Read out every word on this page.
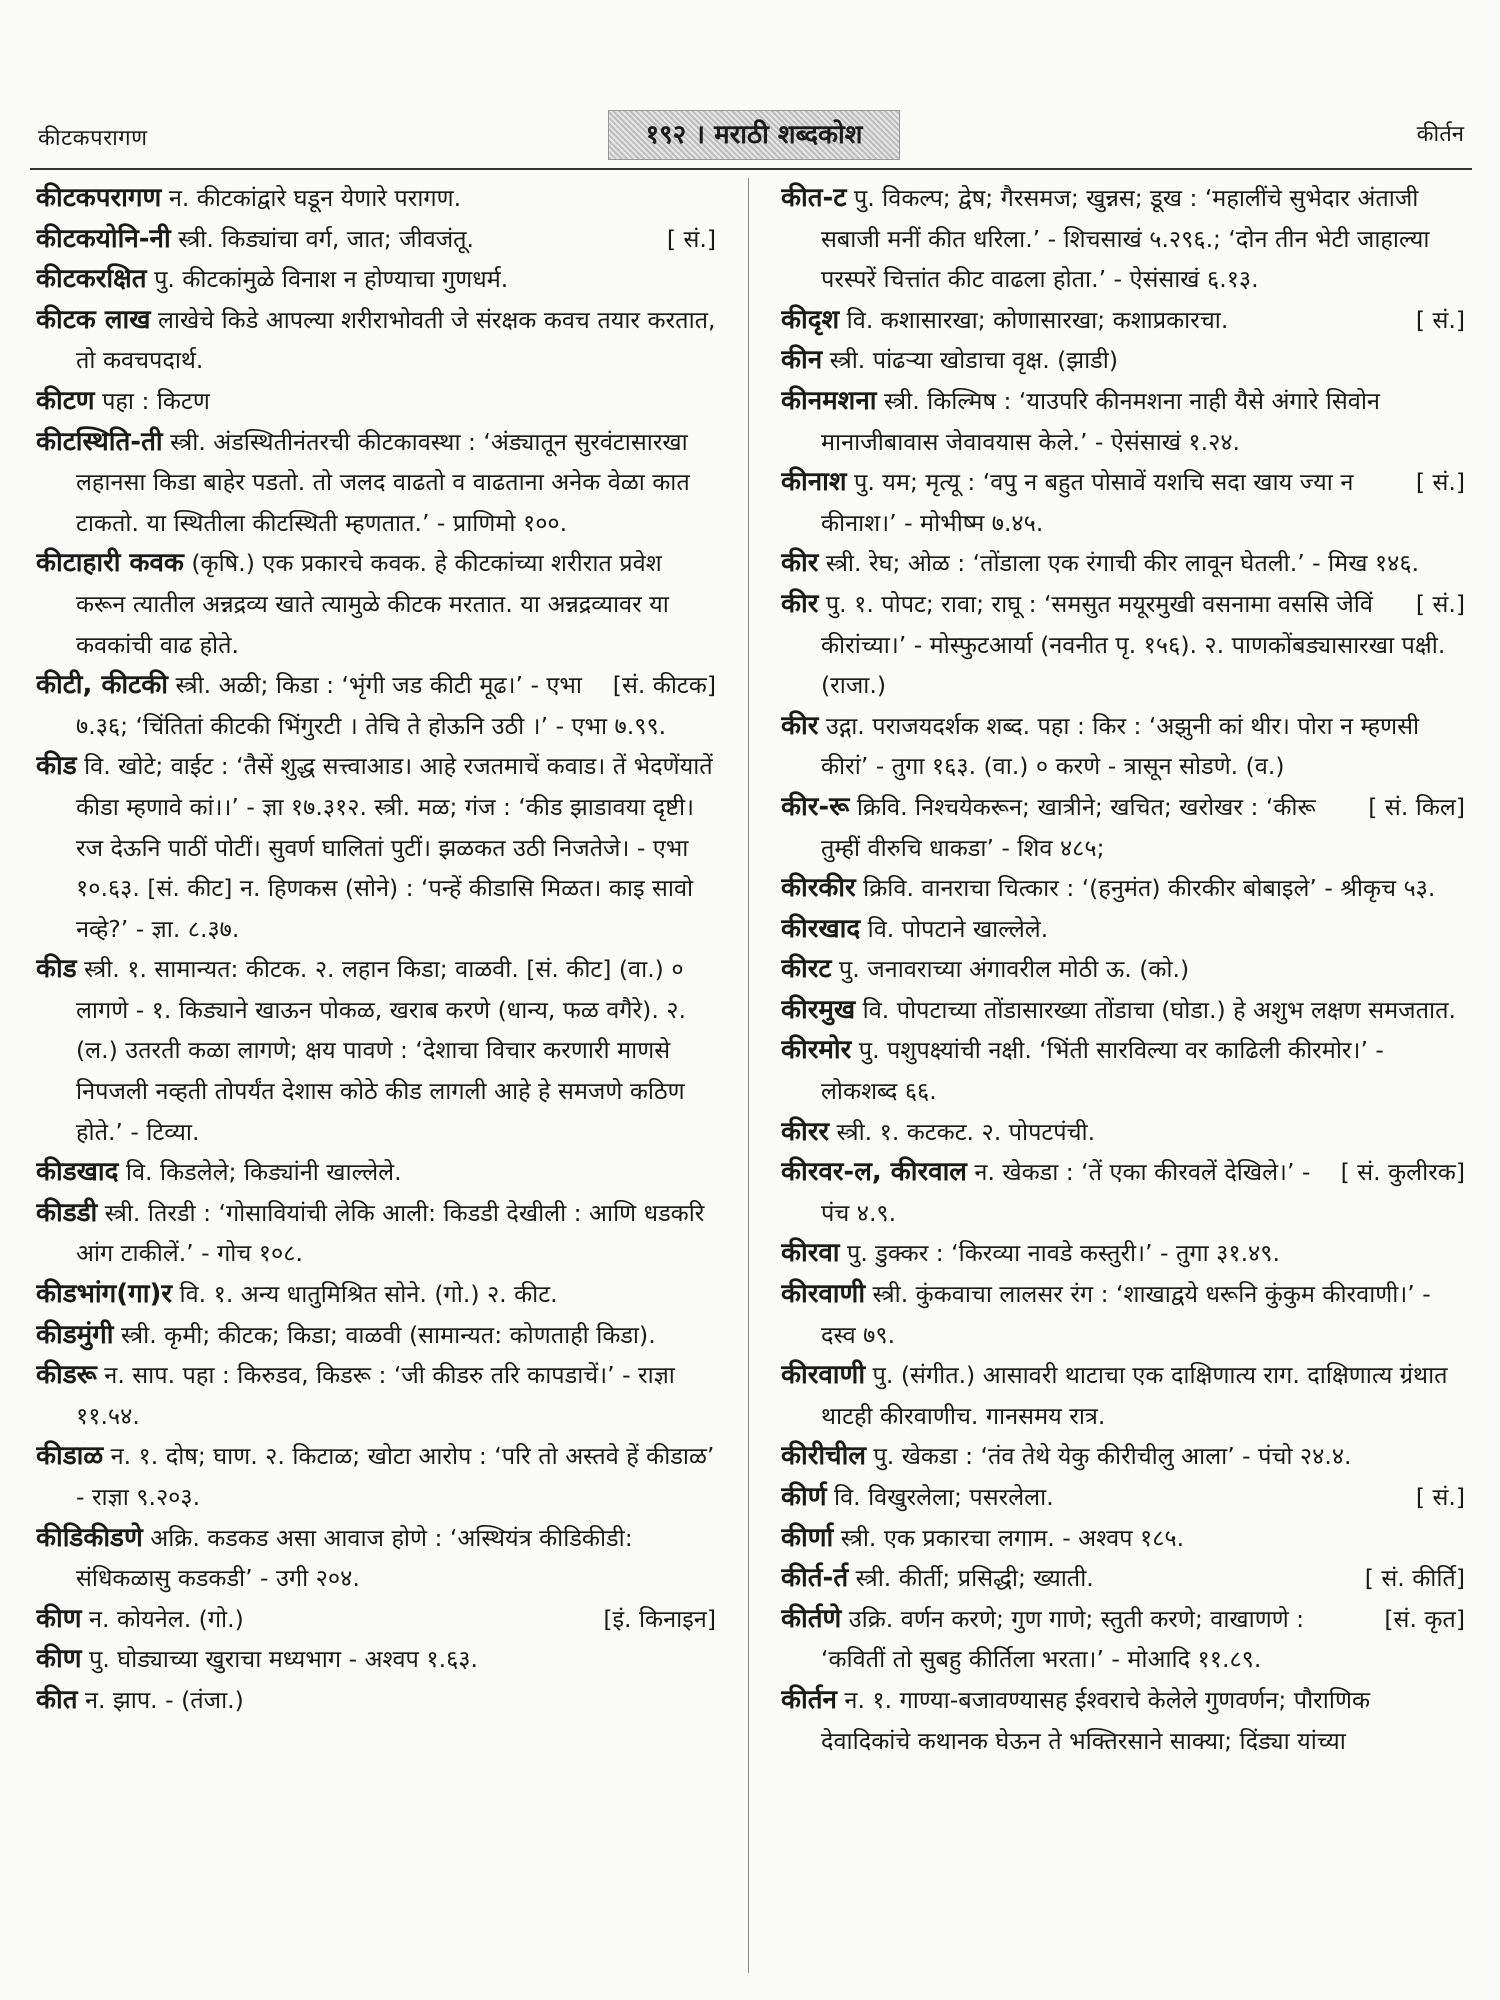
कीटकपरागण	१९२ । मराठी शब्दकोश	कीर्तन

कीटकपरागण न. कीटकांद्वारे घडून येणारे परागण.

[ सं.]
कीटकयोनि-नी स्त्री. किड्यांचा वर्ग, जात; जीवजंतू.

कीटकरक्षित पु. कीटकांमुळे विनाश न होण्याचा गुणधर्म.

कीटक लाख लाखेचे किडे आपल्या शरीराभोवती जे संरक्षक कवच तयार करतात, तो कवचपदार्थ.

कीटण पहा : किटण

कीटस्थिति-ती स्त्री. अंडस्थितीनंतरची कीटकावस्था : ‘अंड्यातून सुरवंटासारखा लहानसा किडा बाहेर पडतो. तो जलद वाढतो व वाढताना अनेक वेळा कात टाकतो. या स्थितीला कीटस्थिती म्हणतात.’ - प्राणिमो १००.

कीटाहारी कवक (कृषि.) एक प्रकारचे कवक. हे कीटकांच्या शरीरात प्रवेश करून त्यातील अन्नद्रव्य खाते त्यामुळे कीटक मरतात. या अन्नद्रव्यावर या कवकांची वाढ होते.

[सं. कीटक]
कीटी, कीटकी स्त्री. अळी; किडा : ‘भृंगी जड कीटी मूढ।’ - एभा ७.३६; ‘चिंतितां कीटकी भिंगुरटी । तेचि ते होऊनि उठी ।’ - एभा ७.९९.

कीड वि. खोटे; वाईट : ‘तैसें शुद्ध सत्त्वाआड। आहे रजतमाचें कवाड। तें भेदणेंयातें कीडा म्हणावे कां।।’ - ज्ञा १७.३१२. स्त्री. मळ; गंज : ‘कीड झाडावया दृष्टी। रज देऊनि पाठीं पोटीं। सुवर्ण घालितां पुटीं। झळकत उठी निजतेजे। - एभा १०.६३. [सं. कीट] न. हिणकस (सोने) : ‘पन्हें कीडासि मिळत। काइ सावो नव्हे?’ - ज्ञा. ८.३७.

कीड स्त्री. १. सामान्यत: कीटक. २. लहान किडा; वाळवी. [सं. कीट] (वा.) ० लागणे - १. किड्याने खाऊन पोकळ, खराब करणे (धान्य, फळ वगैरे). २. (ल.) उतरती कळा लागणे; क्षय पावणे : ‘देशाचा विचार करणारी माणसे निपजली नव्हती तोपर्यंत देशास कोठे कीड लागली आहे हे समजणे कठिण होते.’ - टिव्या.

कीडखाद वि. किडलेले; किड्यांनी खाल्लेले.

कीडडी स्त्री. तिरडी : ‘गोसावियांची लेकि आली: किडडी देखीली : आणि धडकरि आंग टाकीलें.’ - गोच १०८.

कीडभांग(गा)र वि. १. अन्य धातुमिश्रित सोने. (गो.) २. कीट.

कीडमुंगी स्त्री. कृमी; कीटक; किडा; वाळवी (सामान्यत: कोणताही किडा).

कीडरू न. साप. पहा : किरुडव, किडरू : ‘जी कीडरु तरि कापडाचें।’ - राज्ञा ११.५४.

कीडाळ न. १. दोष; घाण. २. किटाळ; खोटा आरोप : ‘परि तो अस्तवे हें कीडाळ’ - राज्ञा ९.२०३.

कीडिकीडणे अक्रि. कडकड असा आवाज होणे : ‘अस्थियंत्र कीडिकीडी: संधिकळासु कडकडी’ - उगी २०४.

[इं. किनाइन]
कीण न. कोयनेल. (गो.)

कीण पु. घोड्याच्या खुराचा मध्यभाग - अश्वप १.६३.

कीत न. झाप. - (तंजा.)

कीत-ट पु. विकल्प; द्वेष; गैरसमज; खुन्नस; डूख : ‘महालींचे सुभेदार अंताजी सबाजी मनीं कीत धरिला.’ - शिचसाखं ५.२९६.; ‘दोन तीन भेटी जाहाल्या परस्परें चित्तांत कीट वाढला होता.’ - ऐसंसाखं ६.१३.

[ सं.]
कीदृश वि. कशासारखा; कोणासारखा; कशाप्रकारचा.

कीन स्त्री. पांढऱ्या खोडाचा वृक्ष. (झाडी)

कीनमशना स्त्री. किल्मिष : ‘याउपरि कीनमशना नाही यैसे अंगारे सिवोन मानाजीबावास जेवावयास केले.’ - ऐसंसाखं १.२४.

[ सं.]
कीनाश पु. यम; मृत्यू : ‘वपु न बहुत पोसावें यशचि सदा खाय ज्या न कीनाश।’ - मोभीष्म ७.४५.

कीर स्त्री. रेघ; ओळ : ‘तोंडाला एक रंगाची कीर लावून घेतली.’ - मिख १४६.

[ सं.]
कीर पु. १. पोपट; रावा; राघू : ‘समसुत मयूरमुखी वसनामा वससि जेविं कीरांच्या।’ - मोस्फुटआर्या (नवनीत पृ. १५६). २. पाणकोंबड्यासारखा पक्षी. (राजा.)

कीर उद्गा. पराजयदर्शक शब्द. पहा : किर : ‘अझुनी कां थीर। पोरा न म्हणसी कीरां’ - तुगा १६३. (वा.) ० करणे - त्रासून सोडणे. (व.)

[ सं. किल]
कीर-रू क्रिवि. निश्चयेकरून; खात्रीने; खचित; खरोखर : ‘कीरू तुम्हीं वीरुचि धाकडा’ - शिव ४८५;

कीरकीर क्रिवि. वानराचा चित्कार : ‘(हनुमंत) कीरकीर बोबाइले’ - श्रीकृच ५३.

कीरखाद वि. पोपटाने खाल्लेले.

कीरट पु. जनावराच्या अंगावरील मोठी ऊ. (को.)

कीरमुख वि. पोपटाच्या तोंडासारख्या तोंडाचा (घोडा.) हे अशुभ लक्षण समजतात.

कीरमोर पु. पशुपक्ष्यांची नक्षी. ‘भिंती सारविल्या वर काढिली कीरमोर।’ - लोकशब्द ६६.

कीरर स्त्री. १. कटकट. २. पोपटपंची.

[ सं. कुलीरक]
कीरवर-ल, कीरवाल न. खेकडा : ‘तें एका कीरवलें देखिले।’ - पंच ४.९.

कीरवा पु. डुक्कर : ‘किरव्या नावडे कस्तुरी।’ - तुगा ३१.४९.

कीरवाणी स्त्री. कुंकवाचा लालसर रंग : ‘शाखाद्वये धरूनि कुंकुम कीरवाणी।’ - दस्व ७९.

कीरवाणी पु. (संगीत.) आसावरी थाटाचा एक दाक्षिणात्य राग. दाक्षिणात्य ग्रंथात थाटही कीरवाणीच. गानसमय रात्र.

कीरीचील पु. खेकडा : ‘तंव तेथे येकु कीरीचीलु आला’ - पंचो २४.४.

[ सं.]
कीर्ण वि. विखुरलेला; पसरलेला.

कीर्णा स्त्री. एक प्रकारचा लगाम. - अश्वप १८५.

[ सं. कीर्ति]
कीर्त-र्त स्त्री. कीर्ती; प्रसिद्धी; ख्याती.

[सं. कृत]
कीर्तणे उक्रि. वर्णन करणे; गुण गाणे; स्तुती करणे; वाखाणणे : ‘कवितीं तो सुबहु कीर्तिला भरता।’ - मोआदि ११.८९.

कीर्तन न. १. गाण्या-बजावण्यासह ईश्वराचे केलेले गुणवर्णन; पौराणिक देवादिकांचे कथानक घेऊन ते भक्तिरसाने साक्या; दिंड्या यांच्या
